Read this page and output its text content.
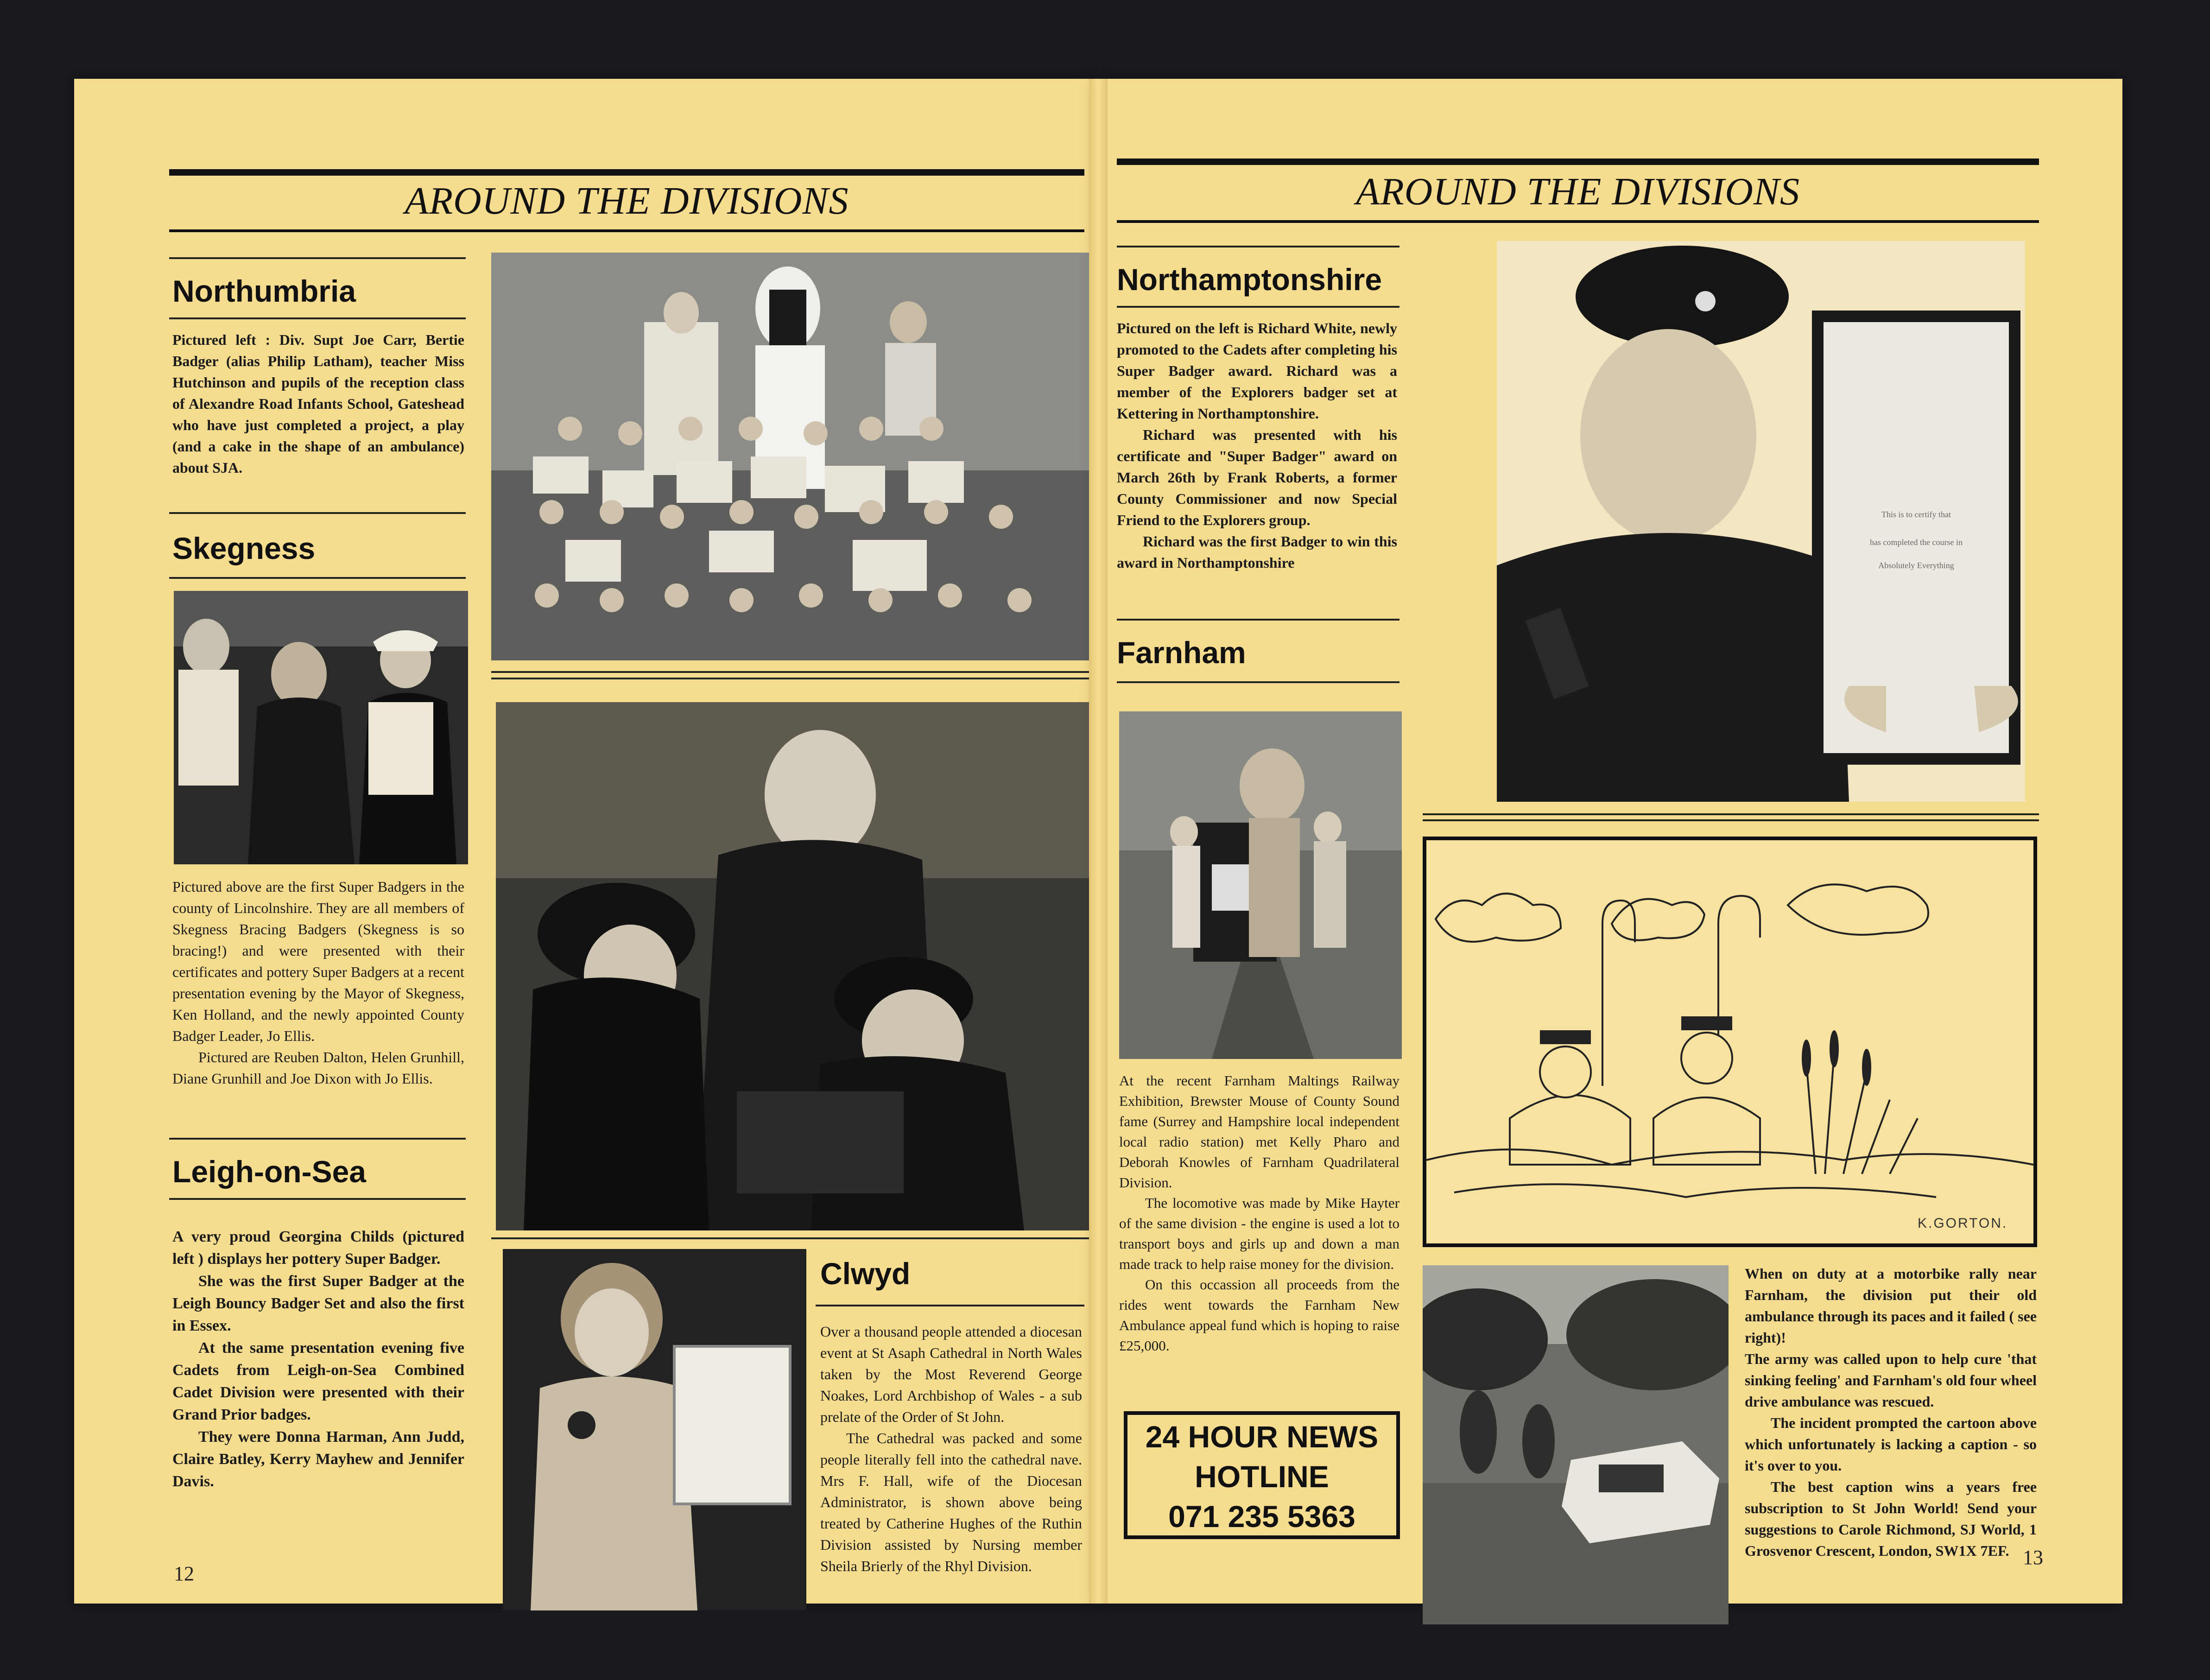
AROUND THE DIVISIONS
Northumbria
Pictured left : Div. Supt Joe Carr, Bertie Badger (alias Philip Latham), teacher Miss Hutchinson and pupils of the reception class of Alexandre Road Infants School, Gateshead who have just completed a project, a play (and a cake in the shape of an ambulance) about SJA.
Skegness

Pictured above are the first Super Badgers in the county of Lincolnshire. They are all members of Skegness Bracing Badgers (Skegness is so bracing!) and were presented with their certificates and pottery Super Badgers at a recent presentation evening by the Mayor of Skegness, Ken Holland, and the newly appointed County Badger Leader, Jo Ellis.

Pictured are Reuben Dalton, Helen Grunhill, Diane Grunhill and Joe Dixon with Jo Ellis.

Leigh-on-Sea

A very proud Georgina Childs (pictured left ) displays her pottery Super Badger.

She was the first Super Badger at the Leigh Bouncy Badger Set and also the first in Essex.

At the same presentation evening five Cadets from Leigh-on-Sea Combined Cadet Division were presented with their Grand Prior badges.

They were Donna Harman, Ann Judd, Claire Batley, Kerry Mayhew and Jennifer Davis.

12
Clwyd

Over a thousand people attended a diocesan event at St Asaph Cathedral in North Wales taken by the Most Reverend George Noakes, Lord Archbishop of Wales - a sub prelate of the Order of St John.

The Cathedral was packed and some people literally fell into the cathedral nave. Mrs F. Hall, wife of the Diocesan Administrator, is shown above being treated by Catherine Hughes of the Ruthin Division assisted by Nursing member Sheila Brierly of the Rhyl Division.

AROUND THE DIVISIONS
Northamptonshire

Pictured on the left is Richard White, newly promoted to the Cadets after completing his Super Badger award. Richard was a member of the Explorers badger set at Kettering in Northamptonshire.

Richard was presented with his certificate and "Super Badger" award on March 26th by Frank Roberts, a former County Commissioner and now Special Friend to the Explorers group.

Richard was the first Badger to win this award in Northamptonshire

This is to certify that
has completed the course in
Absolutely Everything
Farnham

At the recent Farnham Maltings Railway Exhibition, Brewster Mouse of County Sound fame (Surrey and Hampshire local independent local radio station) met Kelly Pharo and Deborah Knowles of Farnham Quadrilateral Division.

The locomotive was made by Mike Hayter of the same division - the engine is used a lot to transport boys and girls up and down a man made track to help raise money for the division.

On this occassion all proceeds from the rides went towards the Farnham New Ambulance appeal fund which is hoping to raise £25,000.

24 HOUR NEWS
HOTLINE
071 235 5363
K.GORTON.

When on duty at a motorbike rally near Farnham, the division put their old ambulance through its paces and it failed ( see right)!

The army was called upon to help cure 'that sinking feeling' and Farnham's old four wheel drive ambulance was rescued.

The incident prompted the cartoon above which unfortunately is lacking a caption - so it's over to you.

The best caption wins a years free subscription to St John World! Send your suggestions to Carole Richmond, SJ World, 1 Grosvenor Crescent, London, SW1X 7EF. 13
